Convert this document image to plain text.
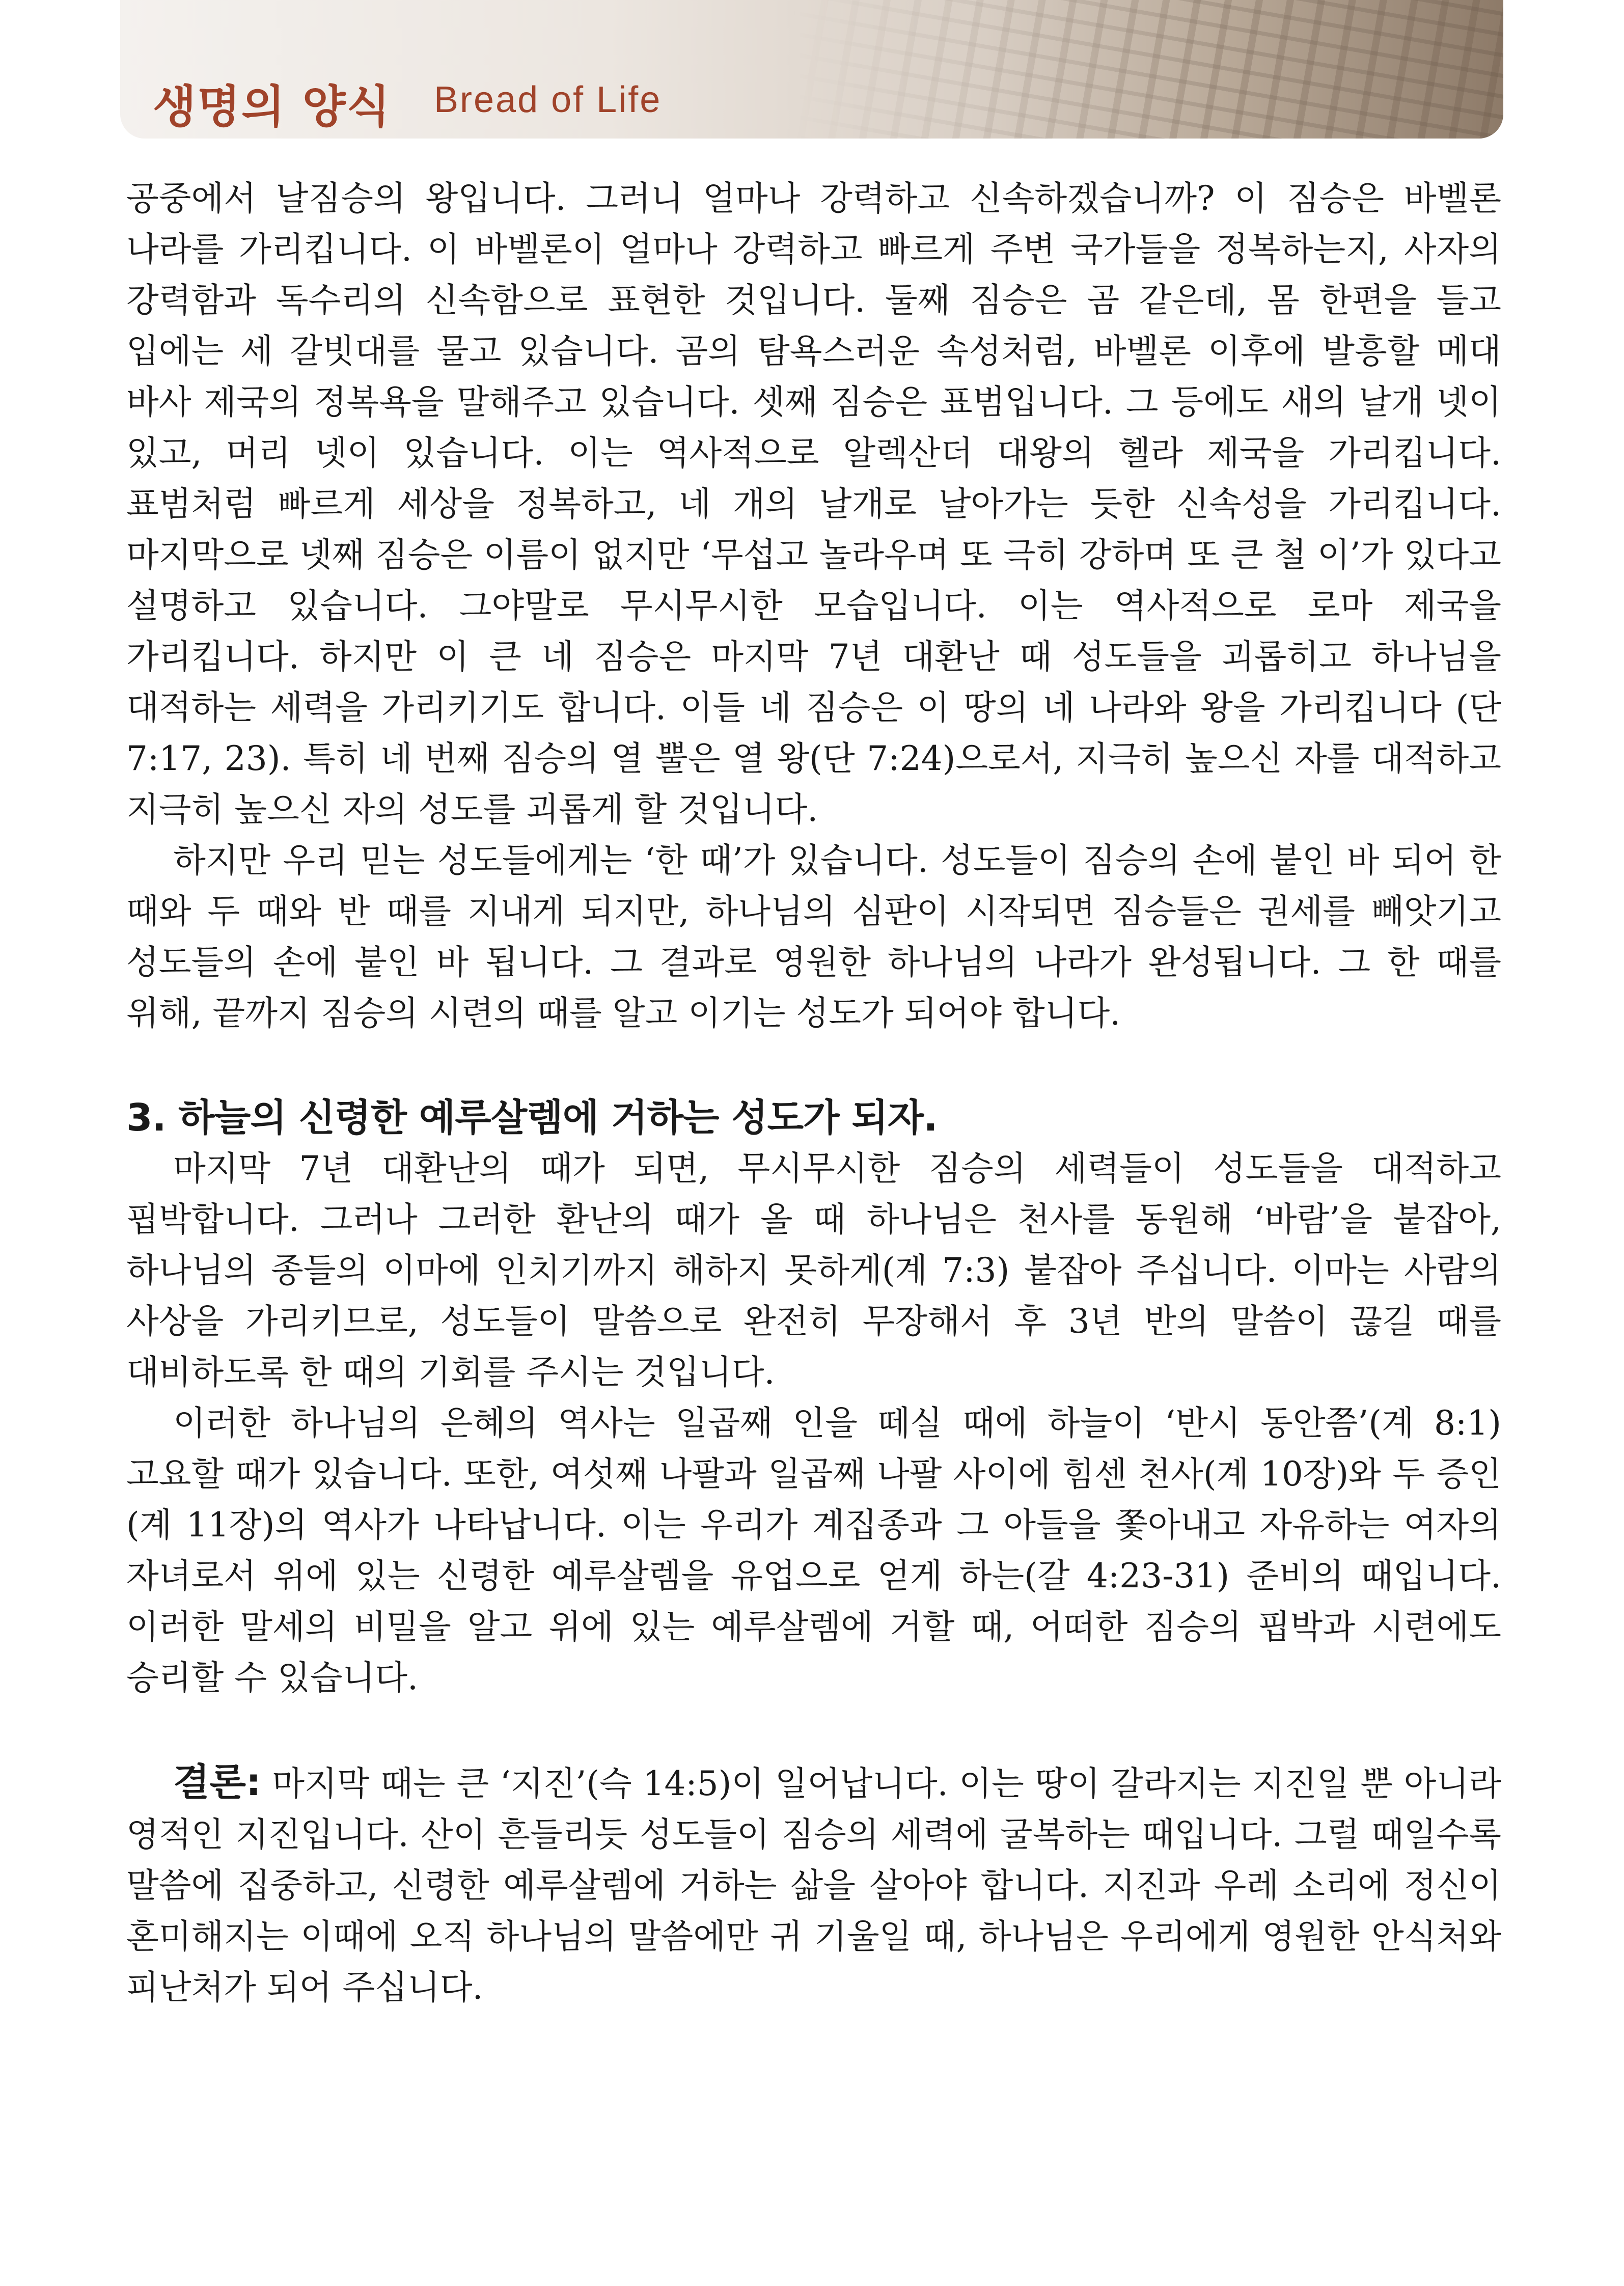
생명의 양식 Bread of Life

공중에서 날짐승의 왕입니다. 그러니 얼마나 강력하고 신속하겠습니까? 이 짐승은 바벨론 나라를 가리킵니다. 이 바벨론이 얼마나 강력하고 빠르게 주변 국가들을 정복하는지, 사자의 강력함과 독수리의 신속함으로 표현한 것입니다. 둘째 짐승은 곰 같은데, 몸 한편을 들고 입에는 세 갈빗대를 물고 있습니다. 곰의 탐욕스러운 속성처럼, 바벨론 이후에 발흥할 메대 바사 제국의 정복욕을 말해주고 있습니다. 셋째 짐승은 표범입니다. 그 등에도 새의 날개 넷이 있고, 머리 넷이 있습니다. 이는 역사적으로 알렉산더 대왕의 헬라 제국을 가리킵니다. 표범처럼 빠르게 세상을 정복하고, 네 개의 날개로 날아가는 듯한 신속성을 가리킵니다. 마지막으로 넷째 짐승은 이름이 없지만 ‘무섭고 놀라우며 또 극히 강하며 또 큰 철 이’가 있다고 설명하고 있습니다. 그야말로 무시무시한 모습입니다. 이는 역사적으로 로마 제국을 가리킵니다. 하지만 이 큰 네 짐승은 마지막 7년 대환난 때 성도들을 괴롭히고 하나님을 대적하는 세력을 가리키기도 합니다. 이들 네 짐승은 이 땅의 네 나라와 왕을 가리킵니다 (단 7:17, 23). 특히 네 번째 짐승의 열 뿔은 열 왕(단 7:24)으로서, 지극히 높으신 자를 대적하고 지극히 높으신 자의 성도를 괴롭게 할 것입니다.

하지만 우리 믿는 성도들에게는 ‘한 때’가 있습니다. 성도들이 짐승의 손에 붙인 바 되어 한 때와 두 때와 반 때를 지내게 되지만, 하나님의 심판이 시작되면 짐승들은 권세를 빼앗기고 성도들의 손에 붙인 바 됩니다. 그 결과로 영원한 하나님의 나라가 완성됩니다. 그 한 때를 위해, 끝까지 짐승의 시련의 때를 알고 이기는 성도가 되어야 합니다.

3. 하늘의 신령한 예루살렘에 거하는 성도가 되자.

마지막 7년 대환난의 때가 되면, 무시무시한 짐승의 세력들이 성도들을 대적하고 핍박합니다. 그러나 그러한 환난의 때가 올 때 하나님은 천사를 동원해 ‘바람’을 붙잡아, 하나님의 종들의 이마에 인치기까지 해하지 못하게(계 7:3) 붙잡아 주십니다. 이마는 사람의 사상을 가리키므로, 성도들이 말씀으로 완전히 무장해서 후 3년 반의 말씀이 끊길 때를 대비하도록 한 때의 기회를 주시는 것입니다.

이러한 하나님의 은혜의 역사는 일곱째 인을 떼실 때에 하늘이 ‘반시 동안쯤’(계 8:1) 고요할 때가 있습니다. 또한, 여섯째 나팔과 일곱째 나팔 사이에 힘센 천사(계 10장)와 두 증인(계 11장)의 역사가 나타납니다. 이는 우리가 계집종과 그 아들을 쫓아내고 자유하는 여자의 자녀로서 위에 있는 신령한 예루살렘을 유업으로 얻게 하는(갈 4:23-31) 준비의 때입니다. 이러한 말세의 비밀을 알고 위에 있는 예루살렘에 거할 때, 어떠한 짐승의 핍박과 시련에도 승리할 수 있습니다.

결론: 마지막 때는 큰 ‘지진’(슥 14:5)이 일어납니다. 이는 땅이 갈라지는 지진일 뿐 아니라 영적인 지진입니다. 산이 흔들리듯 성도들이 짐승의 세력에 굴복하는 때입니다. 그럴 때일수록 말씀에 집중하고, 신령한 예루살렘에 거하는 삶을 살아야 합니다. 지진과 우레 소리에 정신이 혼미해지는 이때에 오직 하나님의 말씀에만 귀 기울일 때, 하나님은 우리에게 영원한 안식처와 피난처가 되어 주십니다.
